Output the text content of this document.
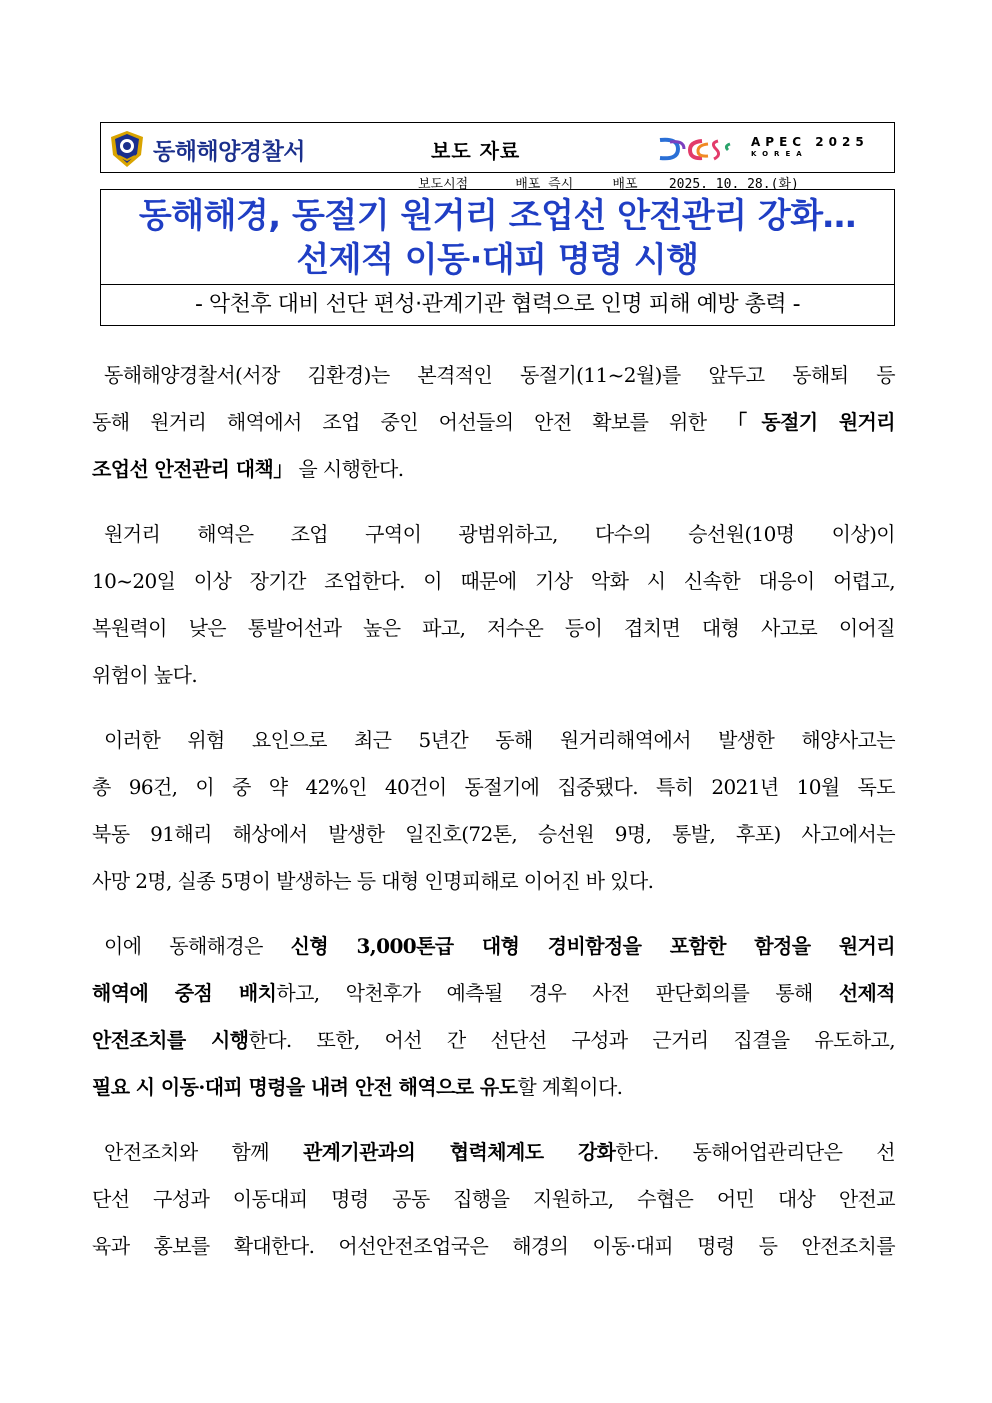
동해해양경찰서	보도 자료	APEC 2025
KOREA
보도시점	배포 즉시	배포 2025. 10. 28.(화)
동해해경, 동절기 원거리 조업선 안전관리 강화…
선제적 이동·대피 명령 시행
- 악천후 대비 선단 편성·관계기관 협력으로 인명 피해 예방 총력 -
동해해양경찰서(서장 김환경)는 본격적인 동절기(11~2월)를 앞두고 동해퇴 등
동해 원거리 해역에서 조업 중인 어선들의 안전 확보를 위한 「동절기 원거리
조업선 안전관리 대책」 을 시행한다.
원거리 해역은 조업 구역이 광범위하고, 다수의 승선원(10명 이상)이
10~20일 이상 장기간 조업한다. 이 때문에 기상 악화 시 신속한 대응이 어렵고,
복원력이 낮은 통발어선과 높은 파고, 저수온 등이 겹치면 대형 사고로 이어질
위험이 높다.
이러한 위험 요인으로 최근 5년간 동해 원거리해역에서 발생한 해양사고는
총 96건, 이 중 약 42%인 40건이 동절기에 집중됐다. 특히 2021년 10월 독도
북동 91해리 해상에서 발생한 일진호(72톤, 승선원 9명, 통발, 후포) 사고에서는
사망 2명, 실종 5명이 발생하는 등 대형 인명피해로 이어진 바 있다.
이에 동해해경은 신형 3,000톤급 대형 경비함정을 포함한 함정을 원거리
해역에 중점 배치하고, 악천후가 예측될 경우 사전 판단회의를 통해 선제적
안전조치를 시행한다. 또한, 어선 간 선단선 구성과 근거리 집결을 유도하고,
필요 시 이동·대피 명령을 내려 안전 해역으로 유도할 계획이다.
안전조치와 함께 관계기관과의 협력체계도 강화한다. 동해어업관리단은 선
단선 구성과 이동대피 명령 공동 집행을 지원하고, 수협은 어민 대상 안전교
육과 홍보를 확대한다. 어선안전조업국은 해경의 이동·대피 명령 등 안전조치를
